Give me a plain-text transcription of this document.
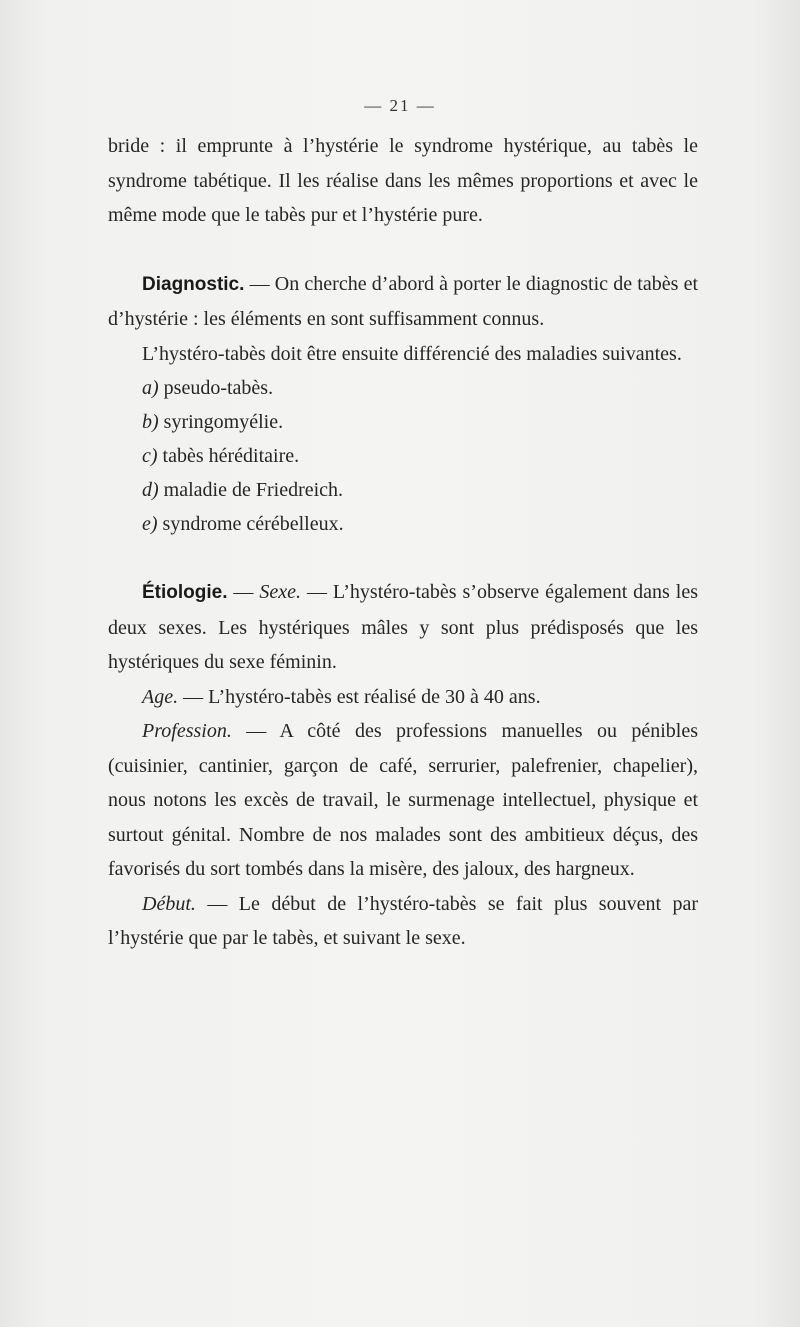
— 21 —

bride : il emprunte à l’hystérie le syndrome hystérique, au tabès le syndrome tabétique. Il les réalise dans les mêmes proportions et avec le même mode que le tabès pur et l’hystérie pure.

Diagnostic. — On cherche d’abord à porter le diagnostic de tabès et d’hystérie : les éléments en sont suffisamment connus.

L’hystéro-tabès doit être ensuite différencié des maladies suivantes.

a) pseudo-tabès.

b) syringomyélie.

c) tabès héréditaire.

d) maladie de Friedreich.

e) syndrome cérébelleux.

Étiologie. — Sexe. — L’hystéro-tabès s’observe également dans les deux sexes. Les hystériques mâles y sont plus prédisposés que les hystériques du sexe féminin.

Age. — L’hystéro-tabès est réalisé de 30 à 40 ans.

Profession. — A côté des professions manuelles ou pénibles (cuisinier, cantinier, garçon de café, serrurier, palefrenier, chapelier), nous notons les excès de travail, le surmenage intellectuel, physique et surtout génital. Nombre de nos malades sont des ambitieux déçus, des favorisés du sort tombés dans la misère, des jaloux, des hargneux.

Début. — Le début de l’hystéro-tabès se fait plus souvent par l’hystérie que par le tabès, et suivant le sexe.
